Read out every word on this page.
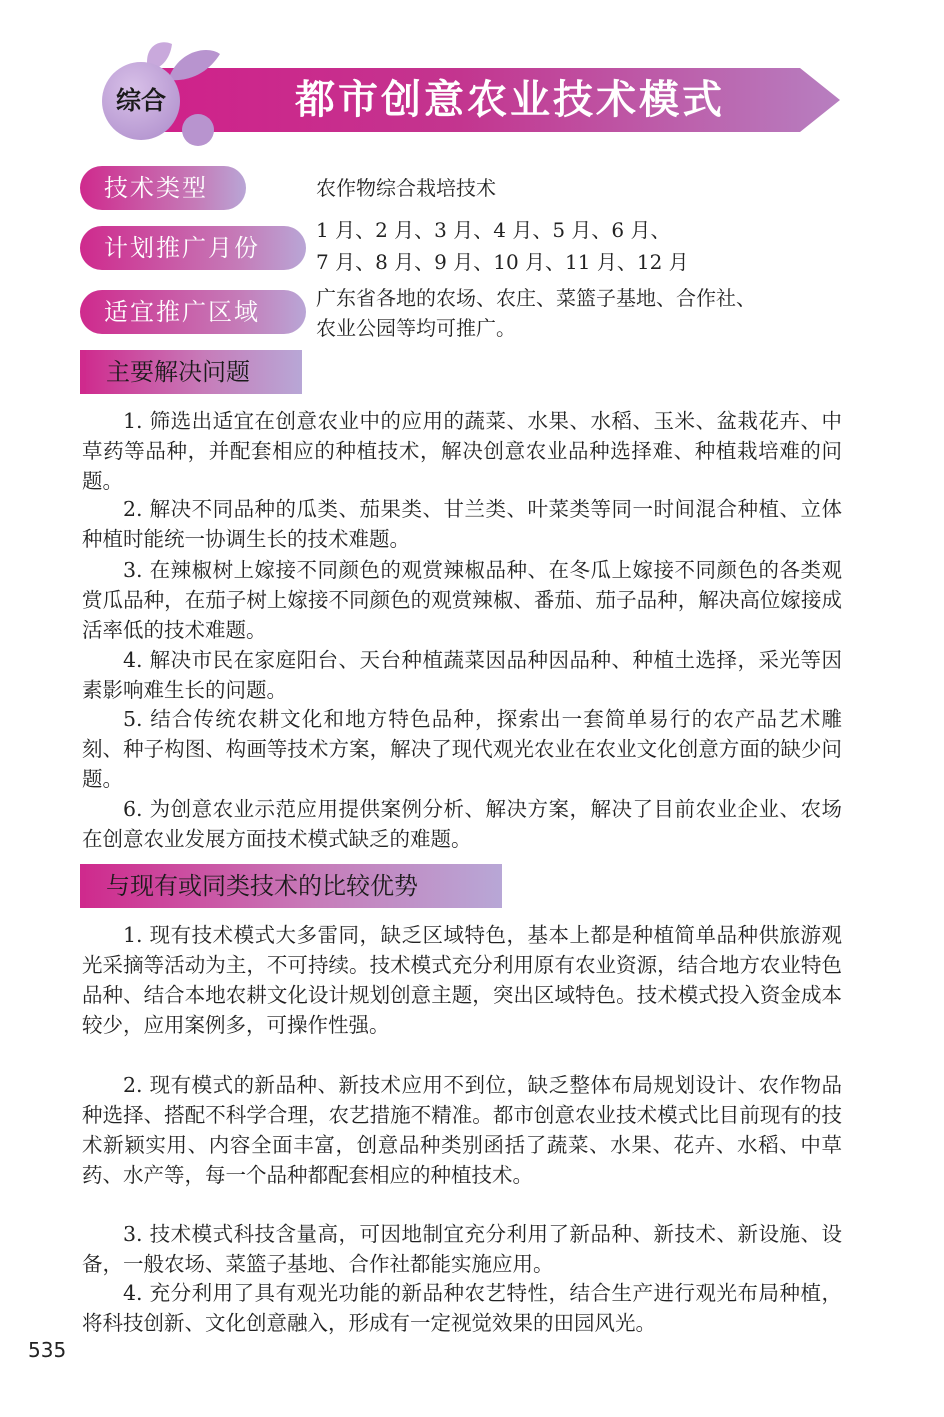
综合	都市创意农业技术模式
技术类型	农作物综合栽培技术
计划推广月份
1 月、2 月、3 月、4 月、5 月、6 月、
7 月、8 月、9 月、10 月、11 月、12 月
适宜推广区域	广东省各地的农场、农庄、菜篮子基地、合作社、
农业公园等均可推广。
主要解决问题
1. 筛选出适宜在创意农业中的应用的蔬菜、水果、水稻、玉米、盆栽花卉、中草药等品种，并配套相应的种植技术，解决创意农业品种选择难、种植栽培难的问题。
2. 解决不同品种的瓜类、茄果类、甘兰类、叶菜类等同一时间混合种植、立体种植时能统一协调生长的技术难题。
3. 在辣椒树上嫁接不同颜色的观赏辣椒品种、在冬瓜上嫁接不同颜色的各类观赏瓜品种，在茄子树上嫁接不同颜色的观赏辣椒、番茄、茄子品种，解决高位嫁接成活率低的技术难题。
4. 解决市民在家庭阳台、天台种植蔬菜因品种因品种、种植土选择，采光等因素影响难生长的问题。
5. 结合传统农耕文化和地方特色品种，探索出一套简单易行的农产品艺术雕刻、种子构图、构画等技术方案，解决了现代观光农业在农业文化创意方面的缺少问题。
6. 为创意农业示范应用提供案例分析、解决方案，解决了目前农业企业、农场在创意农业发展方面技术模式缺乏的难题。
与现有或同类技术的比较优势
1. 现有技术模式大多雷同，缺乏区域特色，基本上都是种植简单品种供旅游观光采摘等活动为主，不可持续。技术模式充分利用原有农业资源，结合地方农业特色品种、结合本地农耕文化设计规划创意主题，突出区域特色。技术模式投入资金成本较少，应用案例多，可操作性强。
2. 现有模式的新品种、新技术应用不到位，缺乏整体布局规划设计、农作物品种选择、搭配不科学合理，农艺措施不精准。都市创意农业技术模式比目前现有的技术新颖实用、内容全面丰富，创意品种类别函括了蔬菜、水果、花卉、水稻、中草药、水产等，每一个品种都配套相应的种植技术。
3. 技术模式科技含量高，可因地制宜充分利用了新品种、新技术、新设施、设备，一般农场、菜篮子基地、合作社都能实施应用。
4. 充分利用了具有观光功能的新品种农艺特性，结合生产进行观光布局种植，将科技创新、文化创意融入，形成有一定视觉效果的田园风光。
535
